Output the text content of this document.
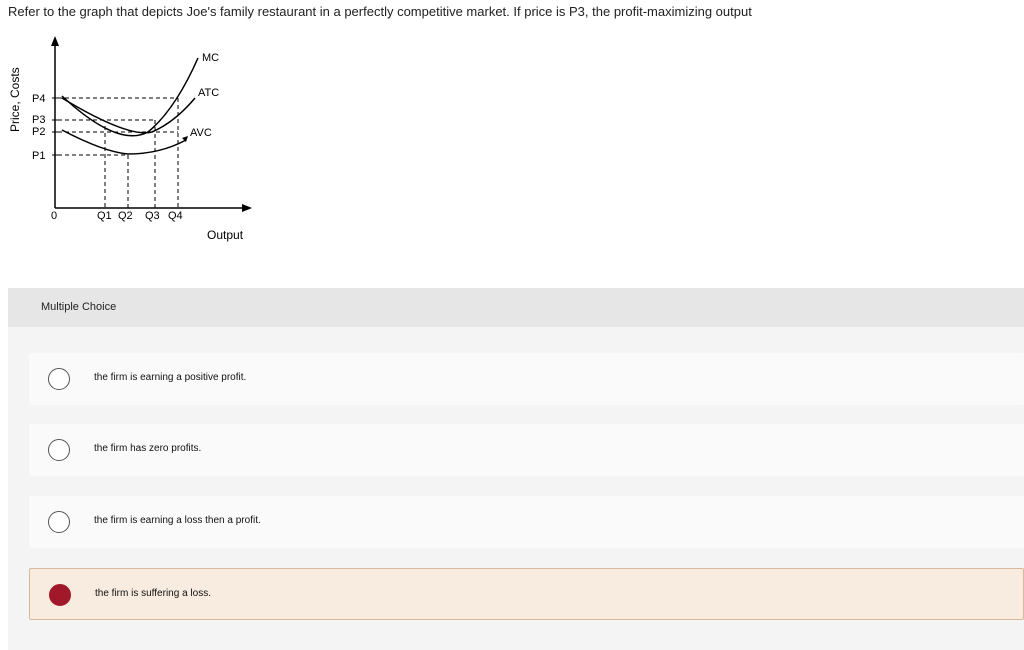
Refer to the graph that depicts Joe's family restaurant in a perfectly competitive market. If price is P3, the profit-maximizing output
MC
ATC
AVC
P4
P3
P2
P1
0	Q1 Q2 Q3 Q4
Output
Price, Costs
Multiple Choice
the firm is earning a positive profit.
the firm has zero profits.
the firm is earning a loss then a profit.
the firm is suffering a loss.
